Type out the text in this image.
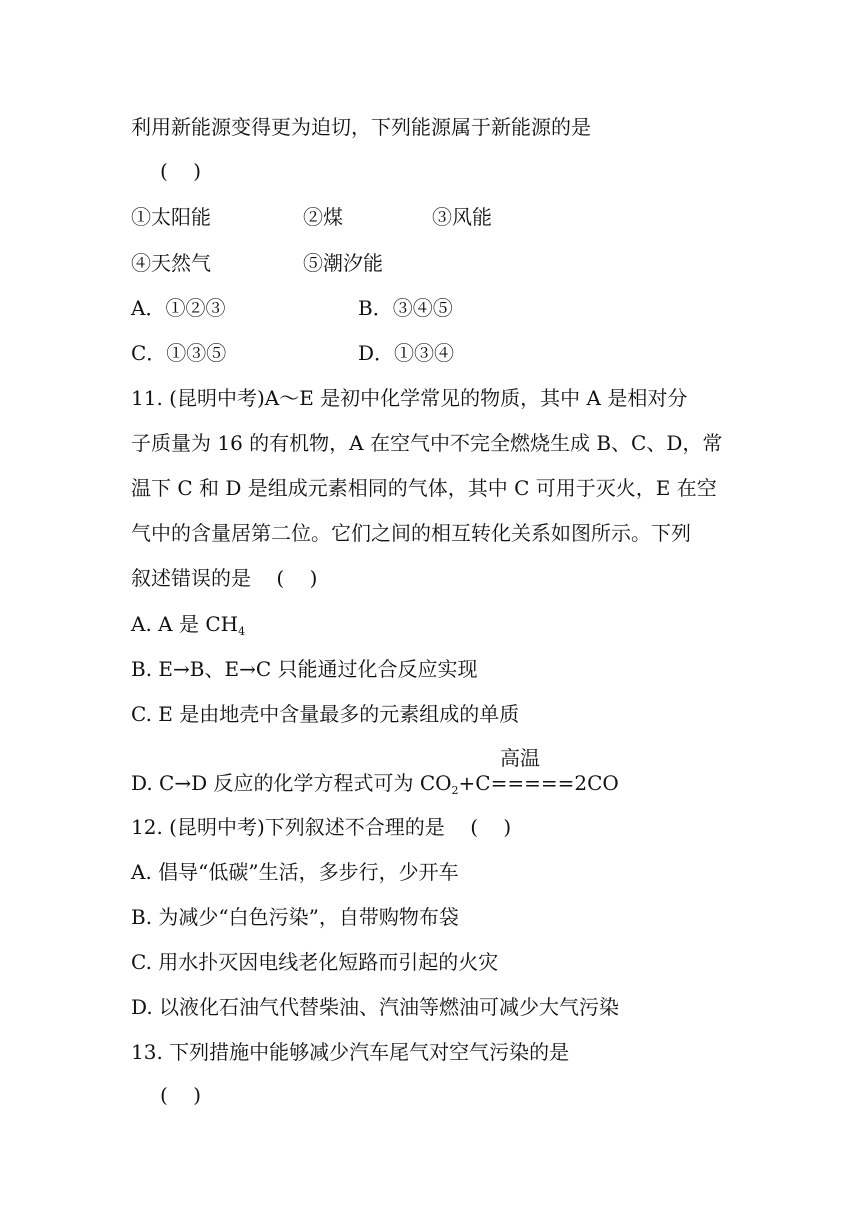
利用新能源变得更为迫切，下列能源属于新能源的是
(    )
①太阳能	②煤	③风能
④天然气	⑤潮汐能
A．①②③	B．③④⑤
C．①③⑤	D．①③④
11. (昆明中考)A～E 是初中化学常见的物质，其中 A 是相对分
子质量为 16 的有机物，A 在空气中不完全燃烧生成 B、C、D，常
温下 C 和 D 是组成元素相同的气体，其中 C 可用于灭火，E 在空
气中的含量居第二位。它们之间的相互转化关系如图所示。下列
叙述错误的是    (    )
A. A 是 $CH_4$
B. E→B、E→C 只能通过化合反应实现
C. E 是由地壳中含量最多的元素组成的单质
高温
D. C→D 反应的化学方程式可为 $CO_2+C=====2CO$
12. (昆明中考)下列叙述不合理的是    (    )
A. 倡导“低碳”生活，多步行，少开车
B. 为减少“白色污染”，自带购物布袋
C. 用水扑灭因电线老化短路而引起的火灾
D. 以液化石油气代替柴油、汽油等燃油可减少大气污染
13. 下列措施中能够减少汽车尾气对空气污染的是
(    )
